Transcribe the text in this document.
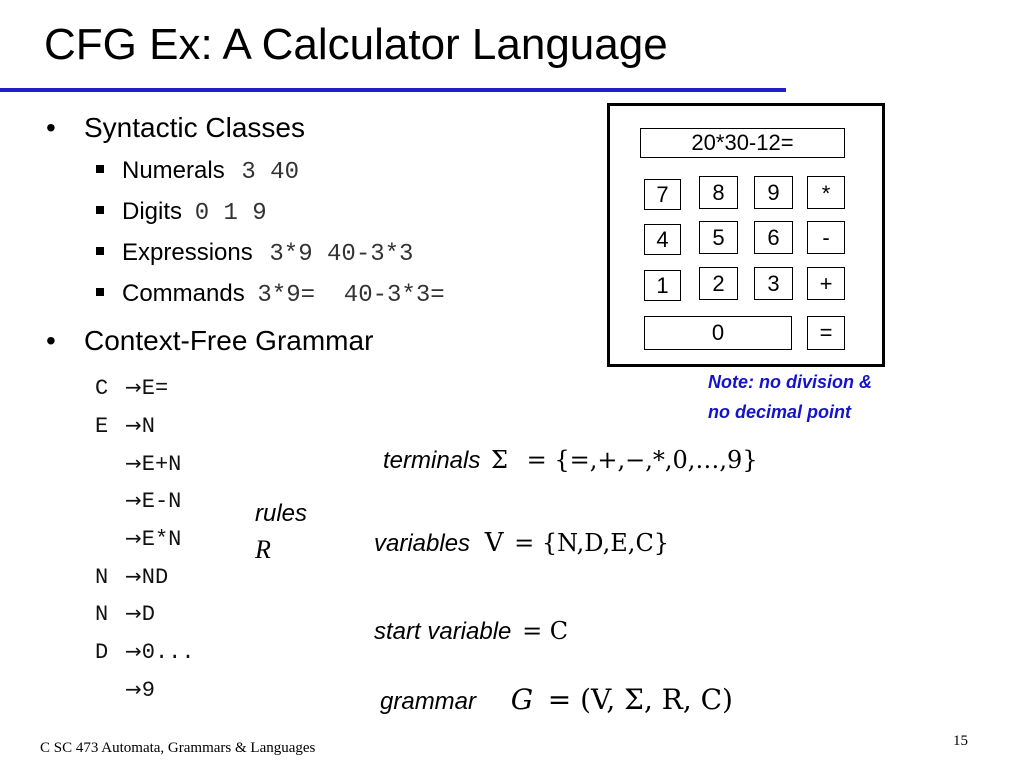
CFG Ex: A Calculator Language
• Syntactic Classes
Numerals 3 40
Digits 0 1 9
Expressions 3*9 40-3*3
Commands 3*9=  40-3*3=
• Context-Free Grammar
C →E=
E →N
→E+N
→E-N
→E*N
N →ND
N →D
D →0...
→9
rules
R
20*30-12=
7	8	9	*
4	5	6	-
1	2	3	+
0	=
Note: no division &
no decimal point
terminals Σ = {=,+,−,*,0,…,9}
variables V = {N,D,E,C}
start variable = C
grammar G = (V, Σ, R, C)
C SC 473 Automata, Grammars & Languages	15
